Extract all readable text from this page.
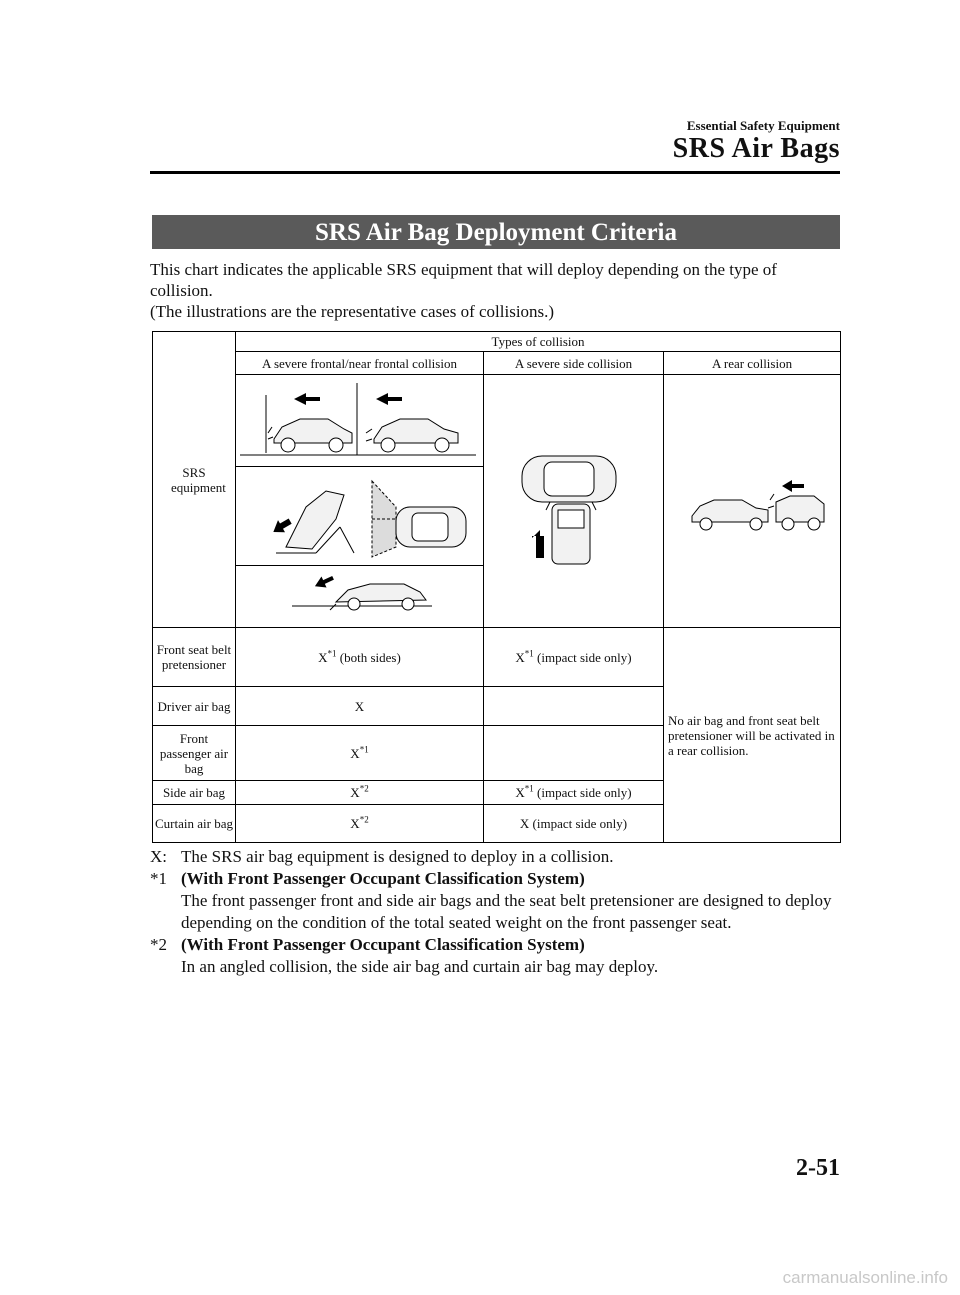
Essential Safety Equipment
SRS Air Bags
SRS Air Bag Deployment Criteria

This chart indicates the applicable SRS equipment that will deploy depending on the type of collision.

(The illustrations are the representative cases of collisions.)

SRS equipment	Types of collision		
	A severe frontal/near frontal collision	A severe side collision	A rear collision

Front seat belt pretensioner	$X^{*1}$ (both sides)	$X^{*1}$ (impact side only)	No air bag and front seat belt pretensioner will be activated in a rear collision.
Driver air bag	X		
Front passenger air bag	$X^{*1}$	
Side air bag	$X^{*2}$	$X^{*1}$ (impact side only)	
Curtain air bag	$X^{*2}$	X (impact side only)	
X: The SRS air bag equipment is designed to deploy in a collision.
*1 (With Front Passenger Occupant Classification System)
The front passenger front and side air bags and the seat belt pretensioner are designed to deploy depending on the condition of the total seated weight on the front passenger seat.
*2 (With Front Passenger Occupant Classification System)
In an angled collision, the side air bag and curtain air bag may deploy.
2-51
carmanualsonline.info
